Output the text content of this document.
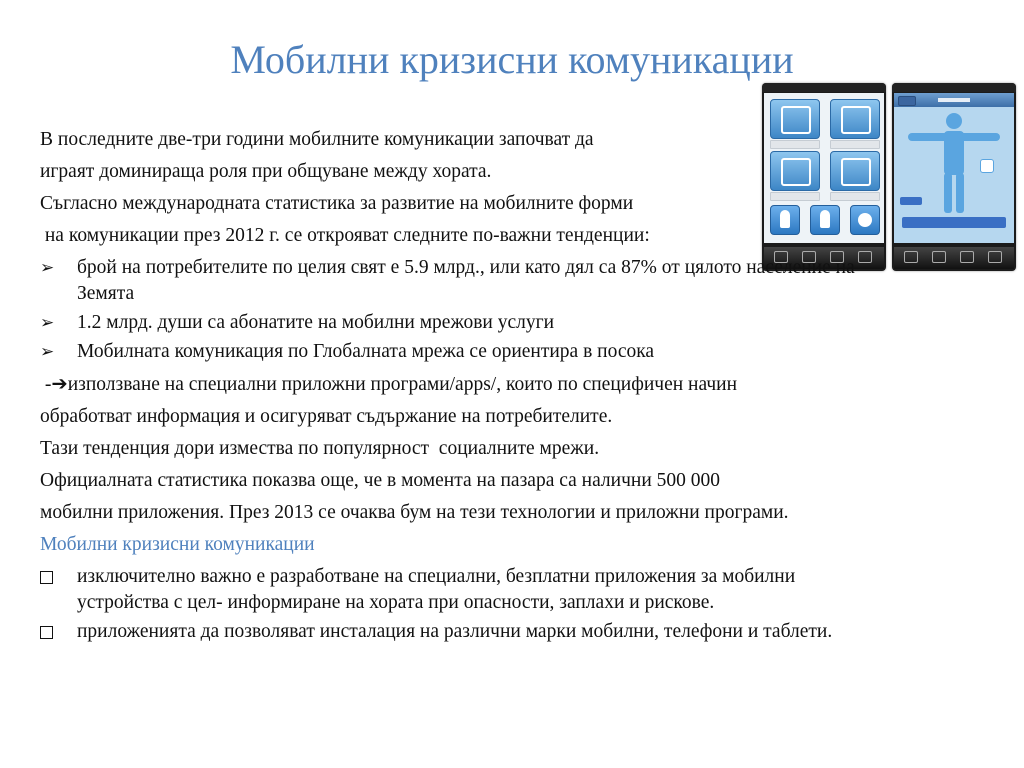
Мобилни кризисни комуникации
В последните две-три години мобилните комуникации започват да
играят доминираща роля при общуване между хората.
Съгласно международната статистика за развитие на мобилните форми
на комуникации през 2012 г. се открояват следните по-важни тенденции:
➢	брой на потребителите по целия свят е 5.9 млрд., или като дял са 87% от цялото население на Земята
➢	1.2 млрд. души са абонатите на мобилни мрежови услуги
➢	Мобилната комуникация по Глобалната мрежа се ориентира в посока
-➔използване на специални приложни програми/apps/, които по специфичен начин
обработват информация и осигуряват съдържание на потребителите.
Тази тенденция дори измества по популярност  социалните мрежи.
Официалната статистика показва още, че в момента на пазара са налични 500 000
мобилни приложения. През 2013 се очаква бум на тези технологии и приложни програми.
Мобилни кризисни комуникации
изключително важно е разработване на специални, безплатни приложения за мобилни устройства с цел- информиране на хората при опасности, заплахи и рискове.
приложенията да позволяват инсталация на различни марки мобилни, телефони и таблети.
